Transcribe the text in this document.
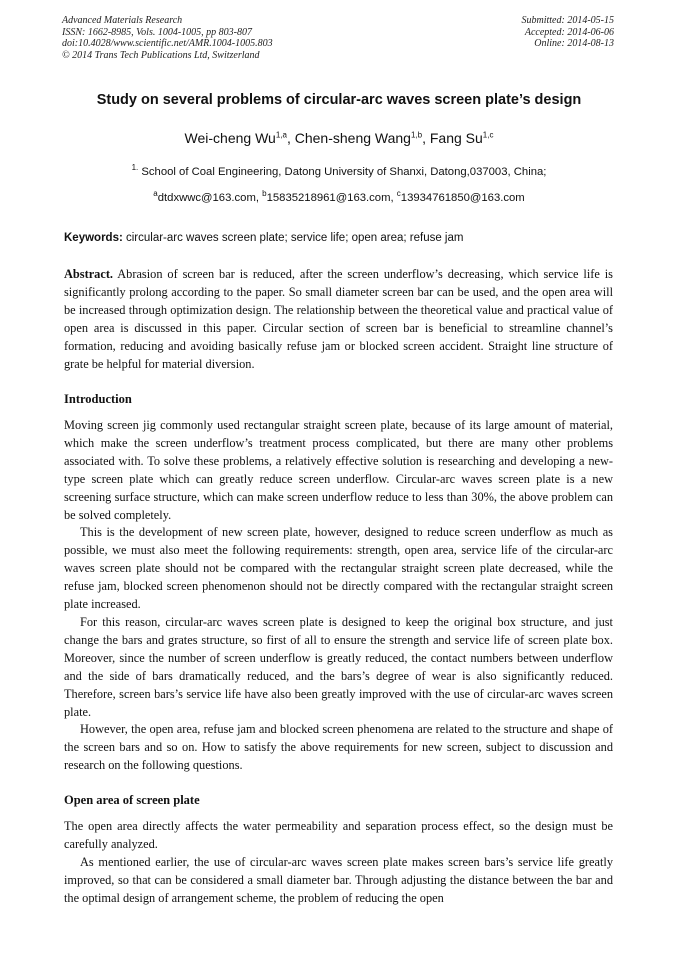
Advanced Materials Research
ISSN: 1662-8985, Vols. 1004-1005, pp 803-807
doi:10.4028/www.scientific.net/AMR.1004-1005.803
© 2014 Trans Tech Publications Ltd, Switzerland
Submitted: 2014-05-15
Accepted: 2014-06-06
Online: 2014-08-13
Study on several problems of circular-arc waves screen plate’s design
Wei-cheng Wu$^{1,a}$, Chen-sheng Wang$^{1,b}$, Fang Su$^{1,c}$
$^{1.}$ School of Coal Engineering, Datong University of Shanxi, Datong,037003, China;
$^a$dtdxwwc@163.com, $^b$15835218961@163.com, $^c$13934761850@163.com
Keywords: circular-arc waves screen plate; service life; open area; refuse jam

Abstract. Abrasion of screen bar is reduced, after the screen underflow’s decreasing, which service life is significantly prolong according to the paper. So small diameter screen bar can be used, and the open area will be increased through optimization design. The relationship between the theoretical value and practical value of open area is discussed in this paper. Circular section of screen bar is beneficial to streamline channel’s formation, reducing and avoiding basically refuse jam or blocked screen accident. Straight line structure of grate be helpful for material diversion.

Introduction

Moving screen jig commonly used rectangular straight screen plate, because of its large amount of material, which make the screen underflow’s treatment process complicated, but there are many other problems associated with. To solve these problems, a relatively effective solution is researching and developing a new-type screen plate which can greatly reduce screen underflow. Circular-arc waves screen plate is a new screening surface structure, which can make screen underflow reduce to less than 30%, the above problem can be solved completely.

This is the development of new screen plate, however, designed to reduce screen underflow as much as possible, we must also meet the following requirements: strength, open area, service life of the circular-arc waves screen plate should not be compared with the rectangular straight screen plate decreased, while the refuse jam, blocked screen phenomenon should not be directly compared with the rectangular straight screen plate increased.

For this reason, circular-arc waves screen plate is designed to keep the original box structure, and just change the bars and grates structure, so first of all to ensure the strength and service life of screen plate box. Moreover, since the number of screen underflow is greatly reduced, the contact numbers between underflow and the side of bars dramatically reduced, and the bars’s degree of wear is also significantly reduced. Therefore, screen bars’s service life have also been greatly improved with the use of circular-arc waves screen plate.

However, the open area, refuse jam and blocked screen phenomena are related to the structure and shape of the screen bars and so on. How to satisfy the above requirements for new screen, subject to discussion and research on the following questions.

Open area of screen plate

The open area directly affects the water permeability and separation process effect, so the design must be carefully analyzed.

As mentioned earlier, the use of circular-arc waves screen plate makes screen bars’s service life greatly improved, so that can be considered a small diameter bar. Through adjusting the distance between the bar and the optimal design of arrangement scheme, the problem of reducing the open
